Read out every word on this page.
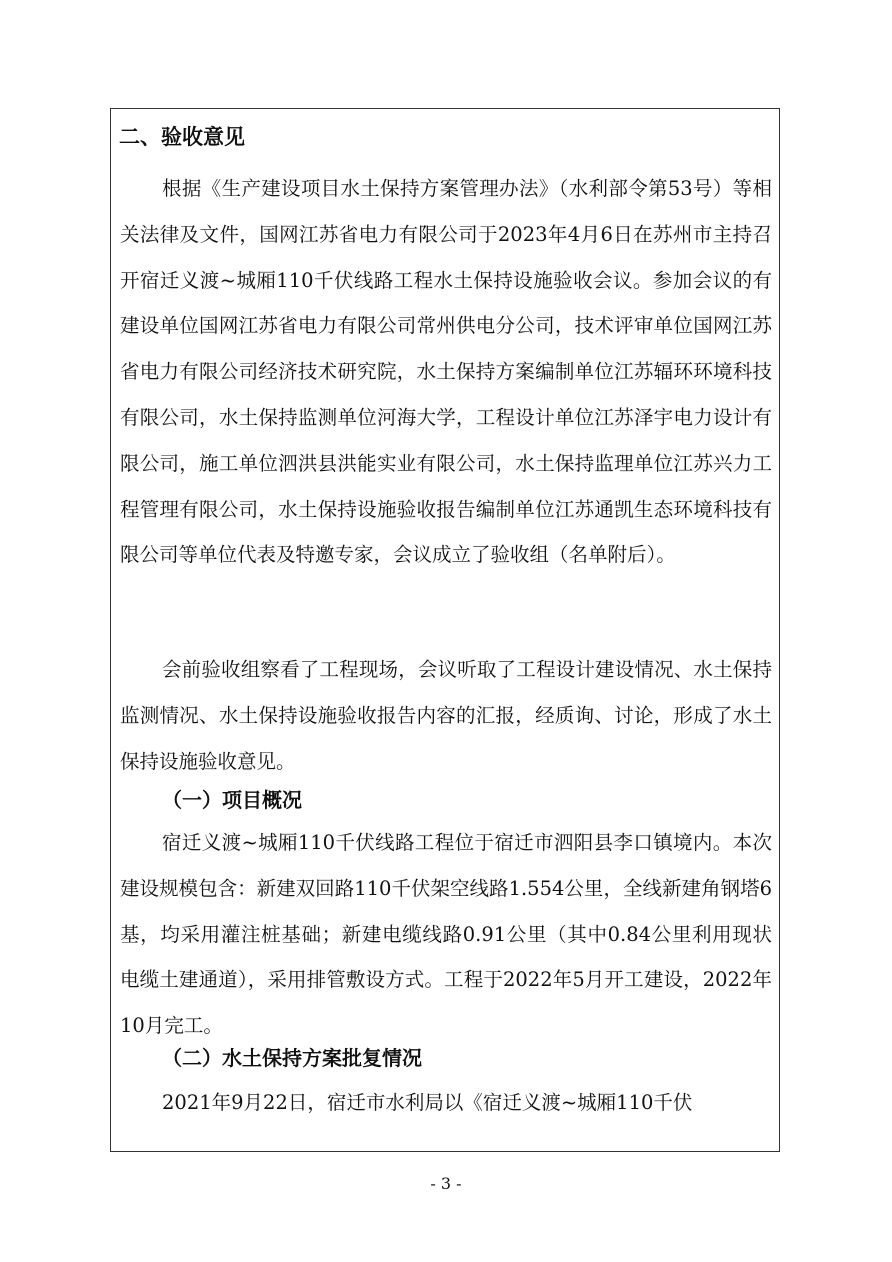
二、验收意见

根据《生产建设项目水土保持方案管理办法》（水利部令第53号）等相关法律及文件，国网江苏省电力有限公司于2023年4月6日在苏州市主持召开宿迁义渡~城厢110千伏线路工程水土保持设施验收会议。参加会议的有建设单位国网江苏省电力有限公司常州供电分公司，技术评审单位国网江苏省电力有限公司经济技术研究院，水土保持方案编制单位江苏辐环环境科技有限公司，水土保持监测单位河海大学，工程设计单位江苏泽宇电力设计有限公司，施工单位泗洪县洪能实业有限公司，水土保持监理单位江苏兴力工程管理有限公司，水土保持设施验收报告编制单位江苏通凯生态环境科技有限公司等单位代表及特邀专家，会议成立了验收组（名单附后）。

会前验收组察看了工程现场，会议听取了工程设计建设情况、水土保持监测情况、水土保持设施验收报告内容的汇报，经质询、讨论，形成了水土保持设施验收意见。

（一）项目概况

宿迁义渡~城厢110千伏线路工程位于宿迁市泗阳县李口镇境内。本次建设规模包含：新建双回路110千伏架空线路1.554公里，全线新建角钢塔6基，均采用灌注桩基础；新建电缆线路0.91公里（其中0.84公里利用现状电缆土建通道），采用排管敷设方式。工程于2022年5月开工建设，2022年10月完工。

（二）水土保持方案批复情况

2021年9月22日，宿迁市水利局以《宿迁义渡~城厢110千伏

- 3 -
